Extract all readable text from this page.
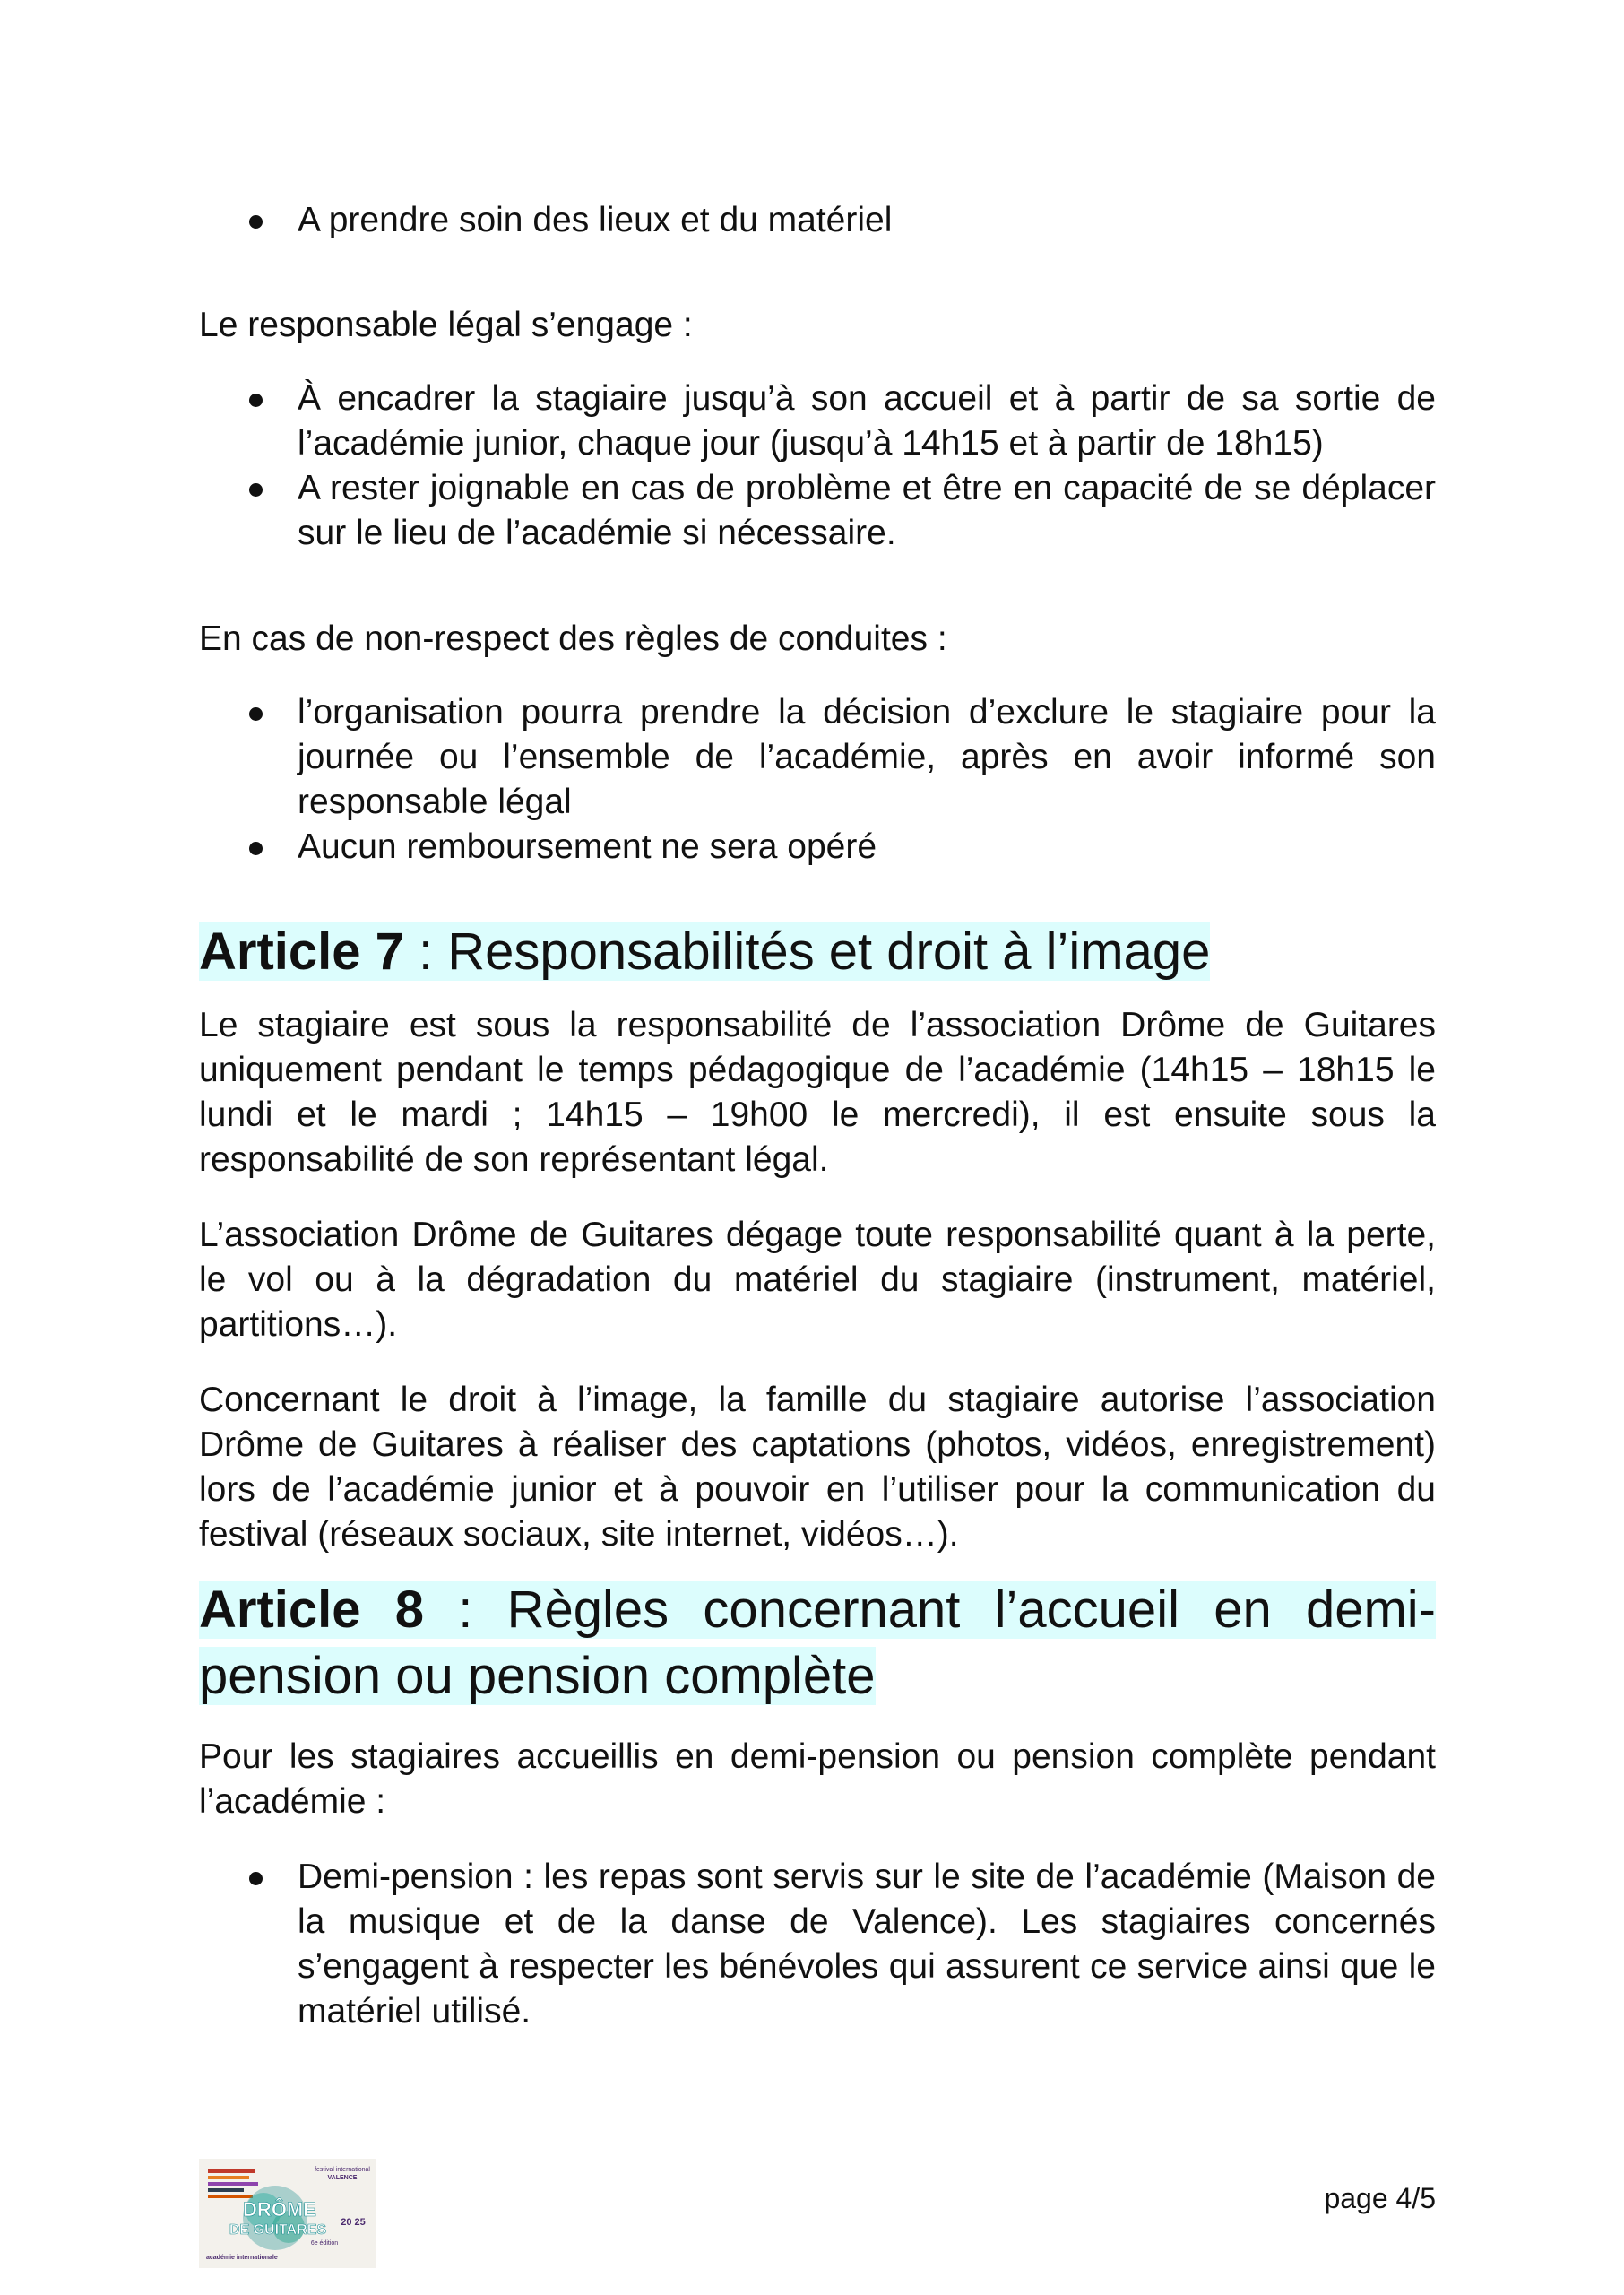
A prendre soin des lieux et du matériel

Le responsable légal s’engage :

À encadrer la stagiaire jusqu’à son accueil et à partir de sa sortie de l’académie junior, chaque jour (jusqu’à 14h15 et à partir de 18h15)
A rester joignable en cas de problème et être en capacité de se déplacer sur le lieu de l’académie si nécessaire.

En cas de non-respect des règles de conduites :

l’organisation pourra prendre la décision d’exclure le stagiaire pour la journée ou l’ensemble de l’académie, après en avoir informé son responsable légal
Aucun remboursement ne sera opéré
Article 7 : Responsabilités et droit à l’image

Le stagiaire est sous la responsabilité de l’association Drôme de Guitares uniquement pendant le temps pédagogique de l’académie (14h15 – 18h15 le lundi et le mardi ; 14h15 – 19h00 le mercredi), il est ensuite sous la responsabilité de son représentant légal.

L’association Drôme de Guitares dégage toute responsabilité quant à la perte, le vol ou à la dégradation du matériel du stagiaire (instrument, matériel, partitions…).

Concernant le droit à l’image, la famille du stagiaire autorise l’association Drôme de Guitares à réaliser des captations (photos, vidéos, enregistrement) lors de l’académie junior et à pouvoir en l’utiliser pour la communication du festival (réseaux sociaux, site internet, vidéos…).

Article 8 : Règles concernant l’accueil en demi-pension ou pension complète

Pour les stagiaires accueillis en demi-pension ou pension complète pendant l’académie :

Demi-pension : les repas sont servis sur le site de l’académie (Maison de la musique et de la danse de Valence). Les stagiaires concernés s’engagent à respecter les bénévoles qui assurent ce service ainsi que le matériel utilisé.
festival international
VALENCE
DRÔME
DE GUITARES 20 25
6e édition
académie internationale
page 4/5
